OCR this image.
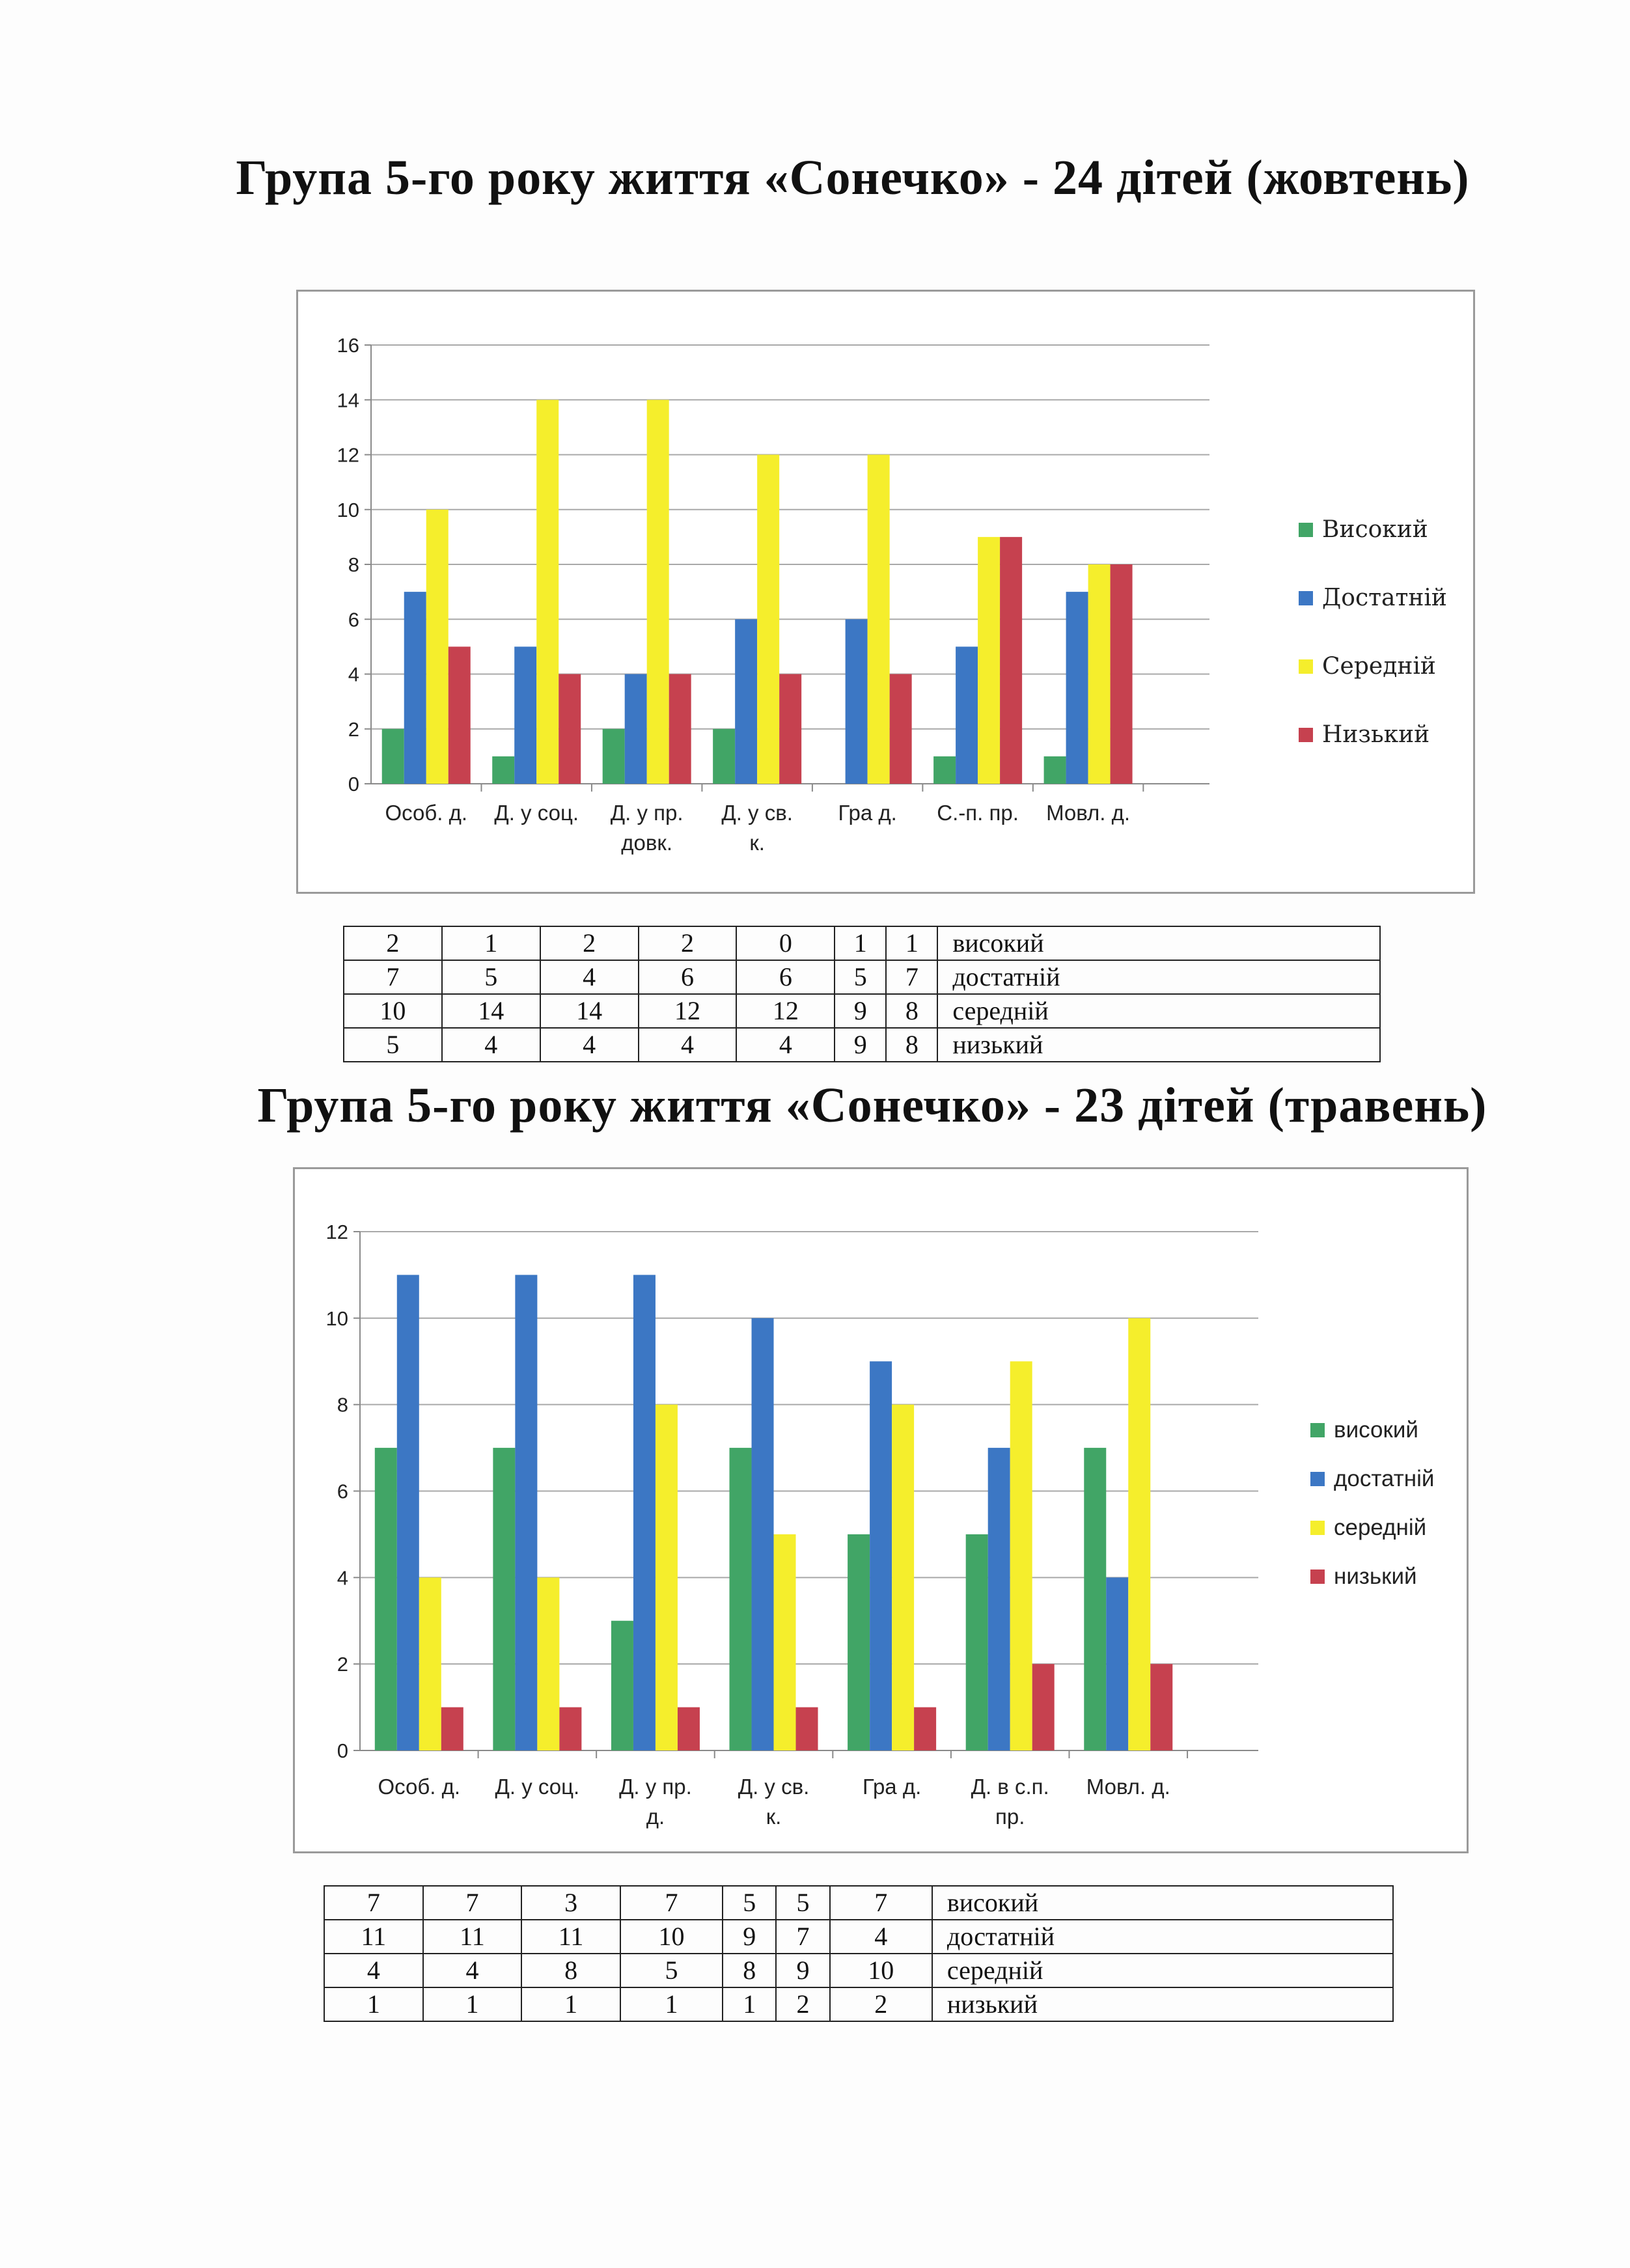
Група 5-го року життя «Сонечко» - 24 дітей (жовтень)
0
2
4
6
8
10
12
14
16
Особ. д. Д. у соц. Д. у пр. довк.
Д. у св. к.
Гра д. С.-п. пр. Мовл. д.
Високий
Достатній
Середній
Низький
2	1	2	2	0	1	1	високий
7	5	4	6	6	5	7	достатній
10	14	14	12	12	9	8	середній
5	4	4	4	4	9	8	низький
Група 5-го року життя «Сонечко» - 23 дітей (травень)
0
2
4
6
8
10
12
Особ. д. Д. у соц. Д. у пр. д.
Д. у св. к.
Гра д. Д. в с.п. пр.
Мовл. д.
високий
достатній
середній
низький
7	7	3	7	5	5	7	високий
11	11	11	10	9	7	4	достатній
4	4	8	5	8	9	10	середній
1	1	1	1	1	2	2	низький
